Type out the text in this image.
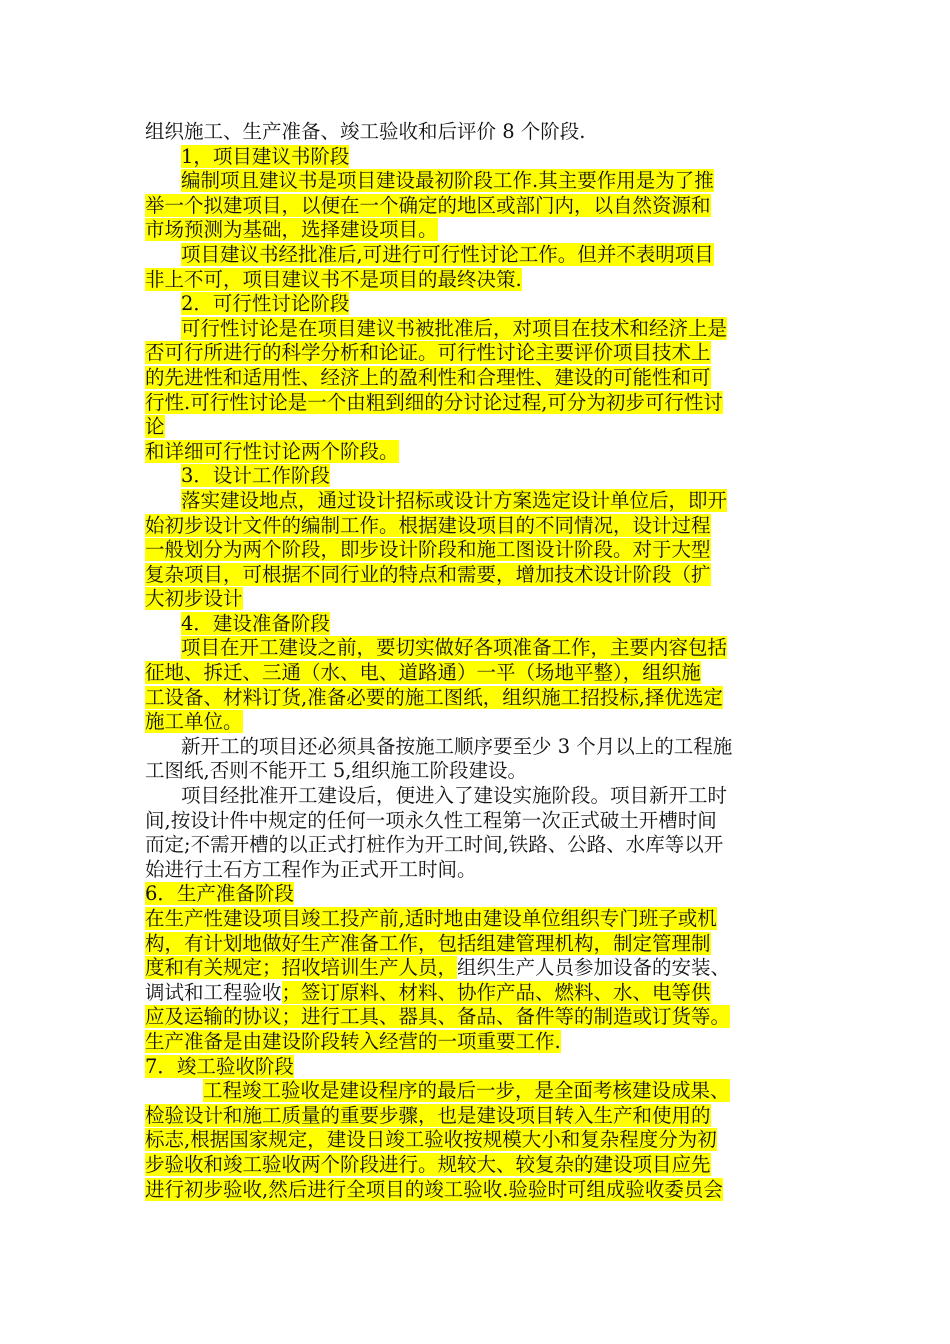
组织施工、生产准备、竣工验收和后评价 8 个阶段.
1，项目建议书阶段
编制项且建议书是项目建设最初阶段工作.其主要作用是为了推
举一个拟建项目，以便在一个确定的地区或部门内，以自然资源和
市场预测为基础，选择建设项目。
项目建议书经批准后,可进行可行性讨论工作。但并不表明项目
非上不可，项目建议书不是项目的最终决策.
2．可行性讨论阶段
可行性讨论是在项目建议书被批准后，对项目在技术和经济上是
否可行所进行的科学分析和论证。可行性讨论主要评价项目技术上
的先进性和适用性、经济上的盈利性和合理性、建设的可能性和可
行性.可行性讨论是一个由粗到细的分讨论过程,可分为初步可行性讨
论
和详细可行性讨论两个阶段。
3．设计工作阶段
落实建设地点，通过设计招标或设计方案选定设计单位后，即开
始初步设计文件的编制工作。根据建设项目的不同情况，设计过程
一般划分为两个阶段，即步设计阶段和施工图设计阶段。对于大型
复杂项目，可根据不同行业的特点和需要，增加技术设计阶段（扩
大初步设计
4．建设准备阶段
项目在开工建设之前，要切实做好各项准备工作，主要内容包括
征地、拆迁、三通（水、电、道路通）一平（场地平整），组织施
工设备、材料订货,准备必要的施工图纸，组织施工招投标,择优选定
施工单位。
新开工的项目还必须具备按施工顺序要至少 3 个月以上的工程施
工图纸,否则不能开工 5,组织施工阶段建设。
项目经批准开工建设后，便进入了建设实施阶段。项目新开工时
间,按设计件中规定的任何一项永久性工程第一次正式破土开槽时间
而定;不需开槽的以正式打桩作为开工时间,铁路、公路、水库等以开
始进行土石方工程作为正式开工时间。
6．生产准备阶段
在生产性建设项目竣工投产前,适时地由建设单位组织专门班子或机
构，有计划地做好生产准备工作，包括组建管理机构，制定管理制
度和有关规定；招收培训生产人员，组织生产人员参加设备的安装、
调试和工程验收；签订原料、材料、协作产品、燃料、水、电等供
应及运输的协议；进行工具、器具、备品、备件等的制造或订货等。
生产准备是由建设阶段转入经营的一项重要工作.
7．竣工验收阶段
工程竣工验收是建设程序的最后一步，是全面考核建设成果、
检验设计和施工质量的重要步骤，也是建设项目转入生产和使用的
标志,根据国家规定，建设日竣工验收按规模大小和复杂程度分为初
步验收和竣工验收两个阶段进行。规较大、较复杂的建设项目应先
进行初步验收,然后进行全项目的竣工验收.验验时可组成验收委员会
